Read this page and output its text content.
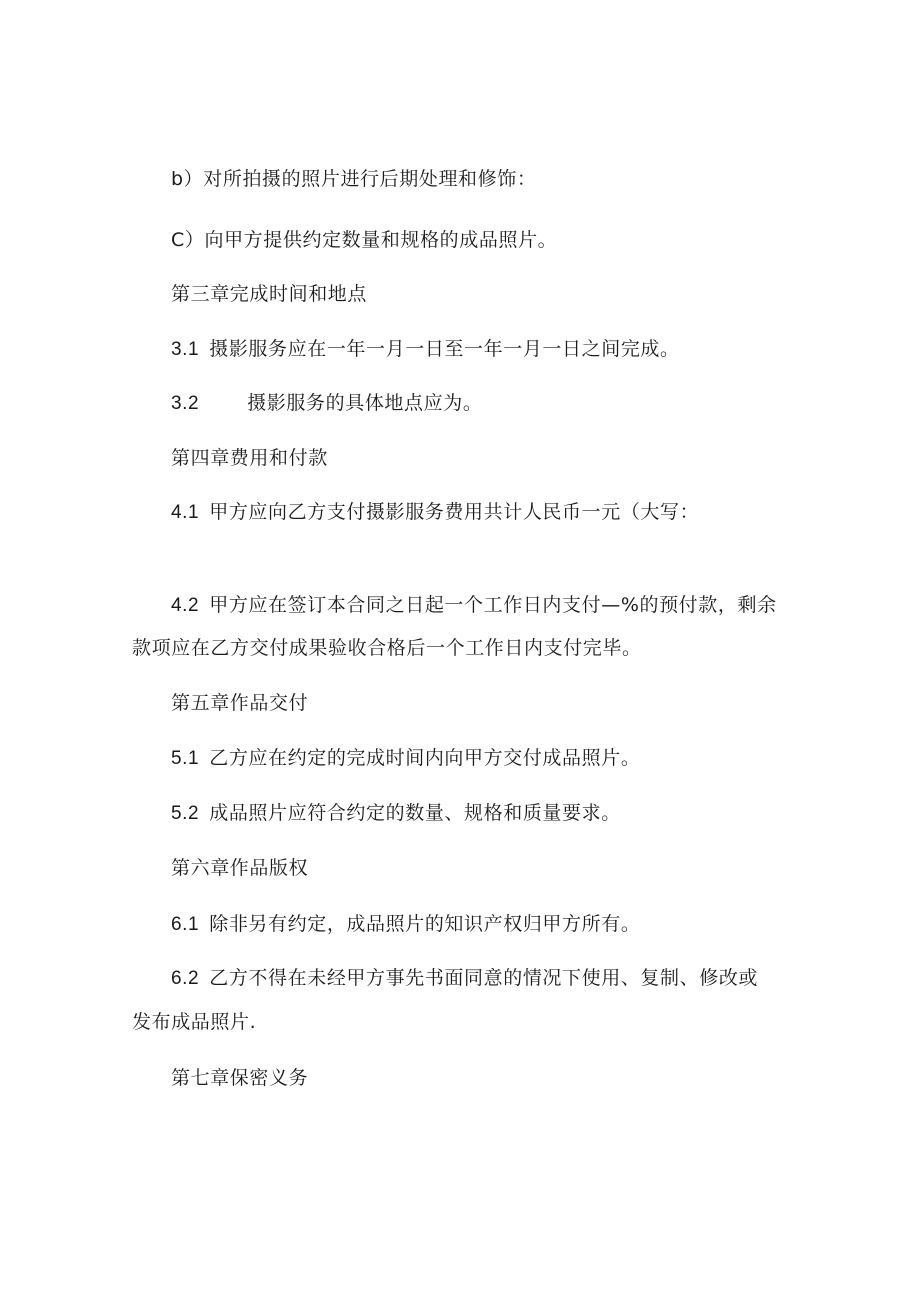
b）对所拍摄的照片进行后期处理和修饰：
C）向甲方提供约定数量和规格的成品照片。
第三章完成时间和地点
3.1 摄影服务应在一年一月一日至一年一月一日之间完成。
3.2	摄影服务的具体地点应为。
第四章费用和付款
4.1 甲方应向乙方支付摄影服务费用共计人民币一元（大写：
4.2 甲方应在签订本合同之日起一个工作日内支付—%的预付款，剩余
款项应在乙方交付成果验收合格后一个工作日内支付完毕。
第五章作品交付
5.1 乙方应在约定的完成时间内向甲方交付成品照片。
5.2 成品照片应符合约定的数量、规格和质量要求。
第六章作品版权
6.1 除非另有约定，成品照片的知识产权归甲方所有。
6.2 乙方不得在未经甲方事先书面同意的情况下使用、复制、修改或
发布成品照片.
第七章保密义务
